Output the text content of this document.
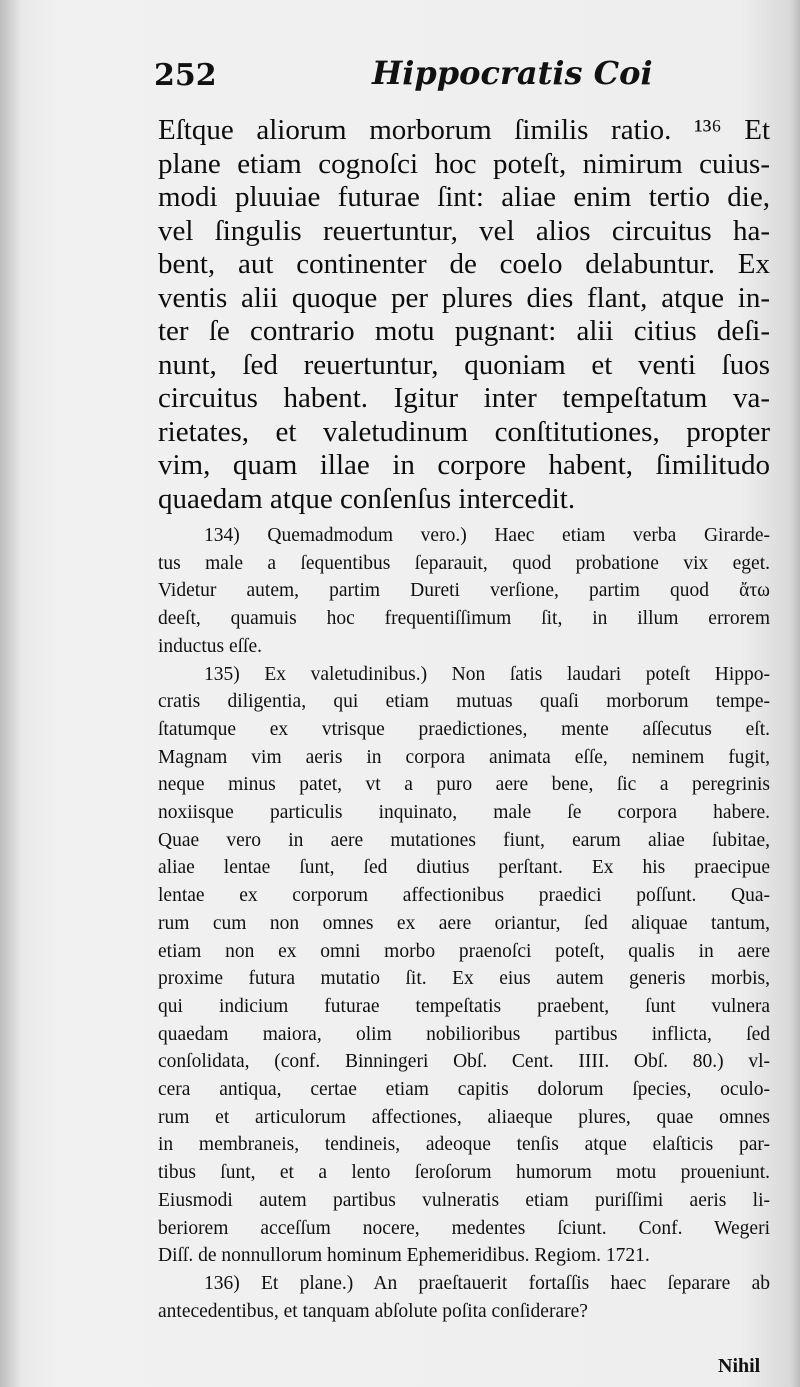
252	Hippocratis Coi
Eſtque aliorum morborum ſimilis ratio. ¹³⁶ Et
plane etiam cognoſci hoc poteſt, nimirum cuius-
modi pluuiae futurae ſint: aliae enim tertio die,
vel ſingulis reuertuntur, vel alios circuitus ha-
bent, aut continenter de coelo delabuntur. Ex
ventis alii quoque per plures dies flant, atque in-
ter ſe contrario motu pugnant: alii citius deſi-
nunt, ſed reuertuntur, quoniam et venti ſuos
circuitus habent. Igitur inter tempeſtatum va-
rietates, et valetudinum conſtitutiones, propter
vim, quam illae in corpore habent, ſimilitudo
quaedam atque conſenſus intercedit.
134) Quemadmodum vero.) Haec etiam verba Girarde-
tus male a ſequentibus ſeparauit, quod probatione vix eget.
Videtur autem, partim Dureti verſione, partim quod ἄτω
deeſt, quamuis hoc frequentiſſimum ſit, in illum errorem
inductus eſſe.
135) Ex valetudinibus.) Non ſatis laudari poteſt Hippo-
cratis diligentia, qui etiam mutuas quaſi morborum tempe-
ſtatumque ex vtrisque praedictiones, mente aſſecutus eſt.
Magnam vim aeris in corpora animata eſſe, neminem fugit,
neque minus patet, vt a puro aere bene, ſic a peregrinis
noxiisque particulis inquinato, male ſe corpora habere.
Quae vero in aere mutationes fiunt, earum aliae ſubitae,
aliae lentae ſunt, ſed diutius perſtant. Ex his praecipue
lentae ex corporum affectionibus praedici poſſunt. Qua-
rum cum non omnes ex aere oriantur, ſed aliquae tantum,
etiam non ex omni morbo praenoſci poteſt, qualis in aere
proxime futura mutatio ſit. Ex eius autem generis morbis,
qui indicium futurae tempeſtatis praebent, ſunt vulnera
quaedam maiora, olim nobilioribus partibus inflicta, ſed
conſolidata, (conf. Binningeri Obſ. Cent. IIII. Obſ. 80.) vl-
cera antiqua, certae etiam capitis dolorum ſpecies, oculo-
rum et articulorum affectiones, aliaeque plures, quae omnes
in membraneis, tendineis, adeoque tenſis atque elaſticis par-
tibus ſunt, et a lento ſeroſorum humorum motu proueniunt.
Eiusmodi autem partibus vulneratis etiam puriſſimi aeris li-
beriorem acceſſum nocere, medentes ſciunt. Conf. Wegeri
Diſſ. de nonnullorum hominum Ephemeridibus. Regiom. 1721.
136) Et plane.) An praeſtauerit fortaſſis haec ſeparare ab
antecedentibus, et tanquam abſolute poſita conſiderare?
Nihil
